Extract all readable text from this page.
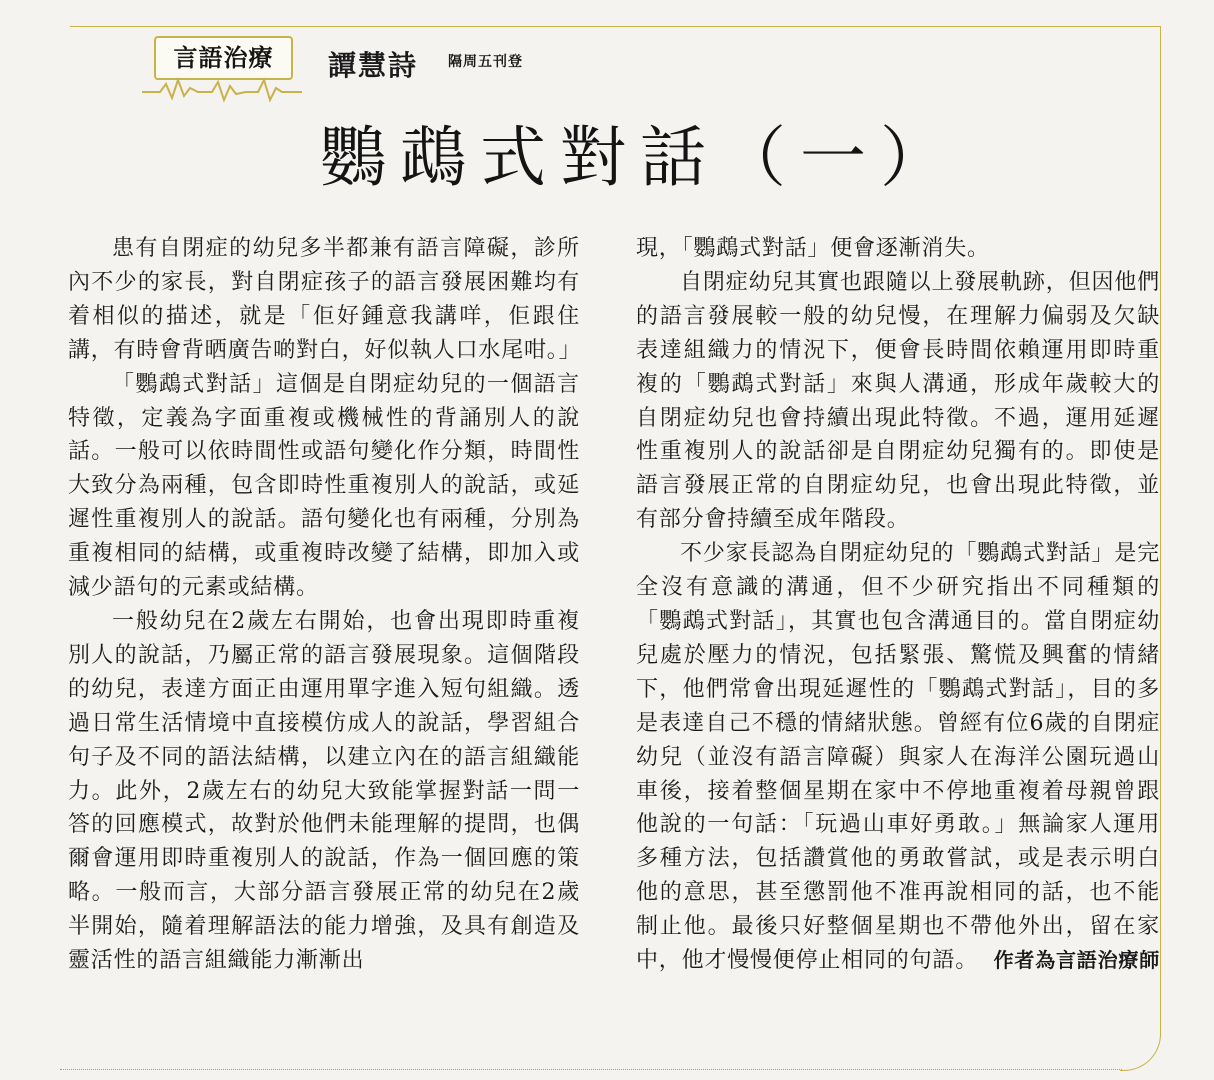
言語治療	譚慧詩 隔周五刊登
鸚鵡式對話（一）

患有自閉症的幼兒多半都兼有語言障礙，診所內不少的家長，對自閉症孩子的語言發展困難均有着相似的描述，就是「佢好鍾意我講咩，佢跟住講，有時會背晒廣告啲對白，好似執人口水尾咁。」

「鸚鵡式對話」這個是自閉症幼兒的一個語言特徵，定義為字面重複或機械性的背誦別人的說話。一般可以依時間性或語句變化作分類，時間性大致分為兩種，包含即時性重複別人的說話，或延遲性重複別人的說話。語句變化也有兩種，分別為重複相同的結構，或重複時改變了結構，即加入或減少語句的元素或結構。

一般幼兒在2歲左右開始，也會出現即時重複別人的說話，乃屬正常的語言發展現象。這個階段的幼兒，表達方面正由運用單字進入短句組織。透過日常生活情境中直接模仿成人的說話，學習組合句子及不同的語法結構，以建立內在的語言組織能力。此外，2歲左右的幼兒大致能掌握對話一問一答的回應模式，故對於他們未能理解的提問，也偶爾會運用即時重複別人的說話，作為一個回應的策略。一般而言，大部分語言發展正常的幼兒在2歲半開始，隨着理解語法的能力增強，及具有創造及靈活性的語言組織能力漸漸出

現，「鸚鵡式對話」便會逐漸消失。

自閉症幼兒其實也跟隨以上發展軌跡，但因他們的語言發展較一般的幼兒慢，在理解力偏弱及欠缺表達組織力的情況下，便會長時間依賴運用即時重複的「鸚鵡式對話」來與人溝通，形成年歲較大的自閉症幼兒也會持續出現此特徵。不過，運用延遲性重複別人的說話卻是自閉症幼兒獨有的。即使是語言發展正常的自閉症幼兒，也會出現此特徵，並有部分會持續至成年階段。

不少家長認為自閉症幼兒的「鸚鵡式對話」是完全沒有意識的溝通，但不少研究指出不同種類的「鸚鵡式對話」，其實也包含溝通目的。當自閉症幼兒處於壓力的情況，包括緊張、驚慌及興奮的情緒下，他們常會出現延遲性的「鸚鵡式對話」，目的多是表達自己不穩的情緒狀態。曾經有位6歲的自閉症幼兒（並沒有語言障礙）與家人在海洋公園玩過山車後，接着整個星期在家中不停地重複着母親曾跟他說的一句話：「玩過山車好勇敢。」無論家人運用多種方法，包括讚賞他的勇敢嘗試，或是表示明白他的意思，甚至懲罰他不准再說相同的話，也不能制止他。最後只好整個星期也不帶他外出，留在家中，他才慢慢便停止相同的句語。 作者為言語治療師
